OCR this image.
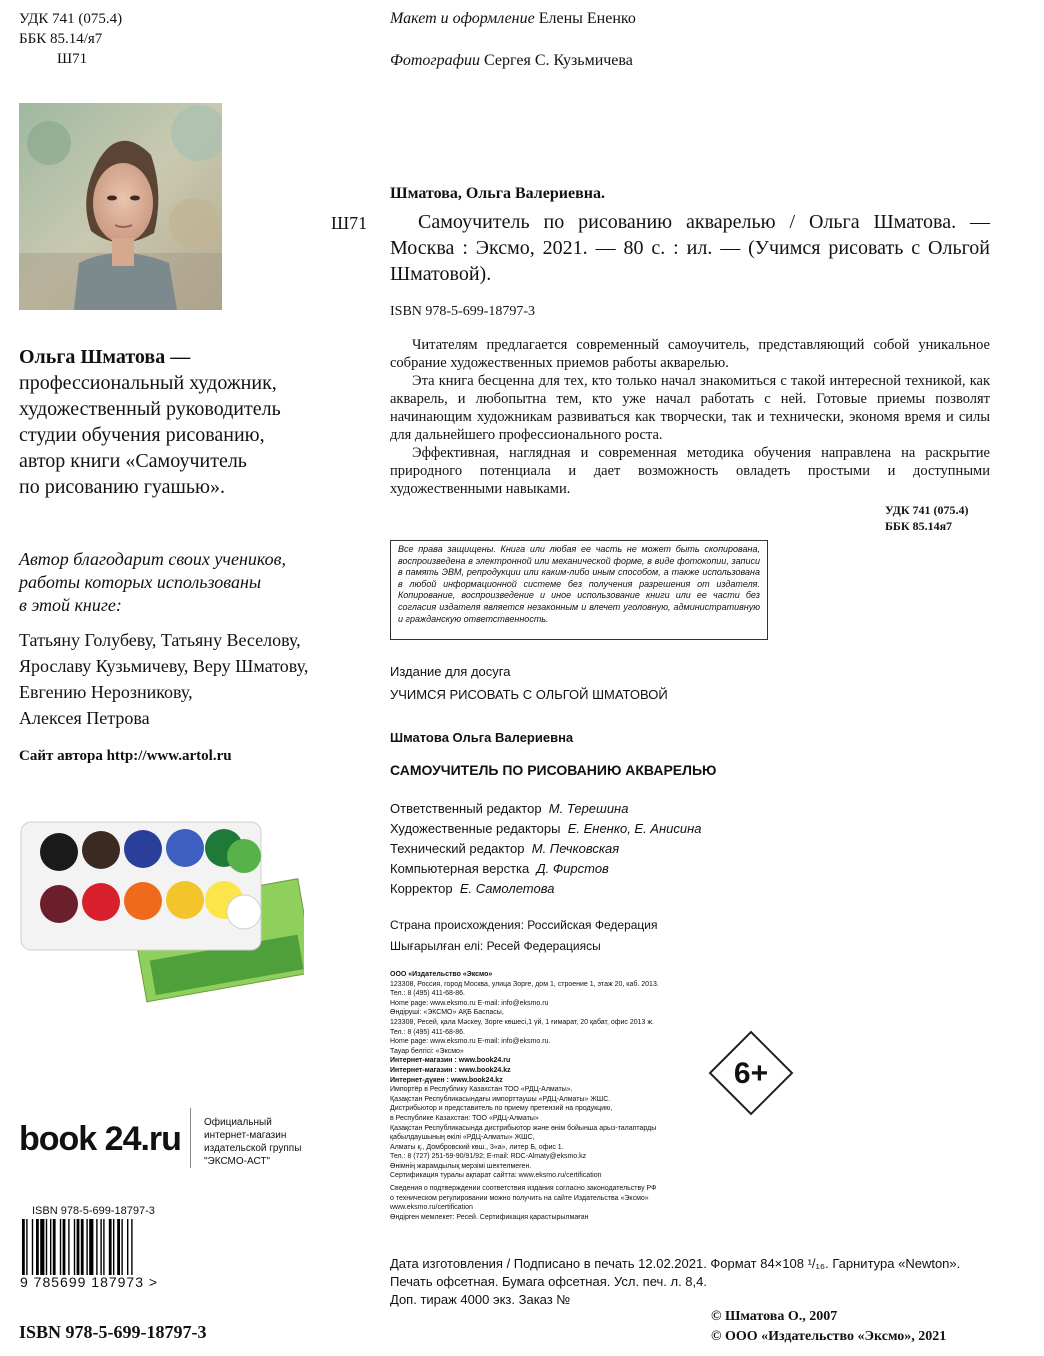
УДК 741 (075.4)
ББК 85.14/я7
Ш71
Ольга Шматова —
профессиональный художник,
художественный руководитель
студии обучения рисованию,
автор книги «Самоучитель
по рисованию гуашью».
Автор благодарит своих учеников,
работы которых использованы
в этой книге:
Татьяну Голубеву, Татьяну Веселову,
Ярославу Кузьмичеву, Веру Шматову,
Евгению Нерозникову,
Алексея Петрова
Сайт автора http://www.artol.ru
book 24.ru Официальный
интернет-магазин
издательской группы
"ЭКСМО-АСТ"
ISBN 978-5-699-18797-3
9 785699 187973 >
ISBN 978-5-699-18797-3
Макет и оформление Елены Ененко
Фотографии Сергея С. Кузьмичева
Шматова, Ольга Валериевна.
Ш71	Самоучитель по рисованию акварелью / Ольга Шматова. — Москва : Эксмо, 2021. — 80 с. : ил. — (Учимся рисовать с Ольгой Шматовой).
ISBN 978-5-699-18797-3

Читателям предлагается современный самоучитель, представляющий собой уникальное собрание художественных приемов работы акварелью.

Эта книга бесценна для тех, кто только начал знакомиться с такой интересной техникой, как акварель, и любопытна тем, кто уже начал работать с ней. Готовые приемы позволят начинающим художникам развиваться как творчески, так и технически, экономя время и силы для дальнейшего профессионального роста.

Эффективная, наглядная и современная методика обучения направлена на раскрытие природного потенциала и дает возможность овладеть простыми и доступными художественными навыками.

УДК 741 (075.4)
ББК 85.14я7

Все права защищены. Книга или любая ее часть не может быть скопирована, воспроизведена в электронной или механической форме, в виде фотокопии, записи в память ЭВМ, репродукции или каким-либо иным способом, а также использована в любой информационной системе без получения разрешения от издателя. Копирование, воспроизведение и иное использование книги или ее части без согласия издателя является незаконным и влечет уголовную, административную и гражданскую ответственность.

Издание для досуга
УЧИМСЯ РИСОВАТЬ С ОЛЬГОЙ ШМАТОВОЙ
Шматова Ольга Валериевна
САМОУЧИТЕЛЬ ПО РИСОВАНИЮ АКВАРЕЛЬЮ
Ответственный редактор М. Терешина
Художественные редакторы Е. Ененко, Е. Анисина
Технический редактор М. Печковская
Компьютерная верстка Д. Фирстов
Корректор Е. Самолетова
Страна происхождения: Российская Федерация
Шығарылған елі: Ресей Федерациясы
ООО «Издательство «Эксмо»
123308, Россия, город Москва, улица Зорге, дом 1, строение 1, этаж 20, каб. 2013.
Тел.: 8 (495) 411-68-86.
Home page: www.eksmo.ru E-mail: info@eksmo.ru
Өндіруші: «ЭКСМО» АҚБ Баспасы,
123308, Ресей, қала Мәскеу, Зорге көшесі,1 үй, 1 ғимарат, 20 қабат, офис 2013 ж.
Тел.: 8 (495) 411-68-86.
Home page: www.eksmo.ru E-mail: info@eksmo.ru.
Тауар белгісі: «Эксмо»
Интернет-магазин : www.book24.ru
Интернет-магазин : www.book24.kz
Интернет-дүкен : www.book24.kz
Импортёр в Республику Казахстан ТОО «РДЦ-Алматы».
Қазақстан Республикасындағы импорттаушы «РДЦ-Алматы» ЖШС.
Дистрибьютор и представитель по приему претензий на продукцию,
в Республике Казахстан: ТОО «РДЦ-Алматы»
Қазақстан Республикасында дистрибьютор және өнім бойынша арыз-талаптарды
қабылдаушының өкілі «РДЦ-Алматы» ЖШС,
Алматы қ., Домбровский көш., 3«а», литер Б, офис 1.
Тел.: 8 (727) 251-59-90/91/92; E-mail: RDC-Almaty@eksmo.kz
Өнімнің жарамдылық мерзімі шектелмеген.
Сертификация туралы ақпарат сайтта: www.eksmo.ru/certification
Сведения о подтверждении соответствия издания согласно законодательству РФ
о техническом регулировании можно получить на сайте Издательства «Эксмо»
www.eksmo.ru/certification
Өндірген мемлекет: Ресей. Сертификация қарастырылмаған
6+
Дата изготовления / Подписано в печать 12.02.2021. Формат 84×108 ¹/₁₆. Гарнитура «Newton».
Печать офсетная. Бумага офсетная. Усл. печ. л. 8,4.
Доп. тираж 4000 экз. Заказ №
© Шматова О., 2007
© ООО «Издательство «Эксмо», 2021
